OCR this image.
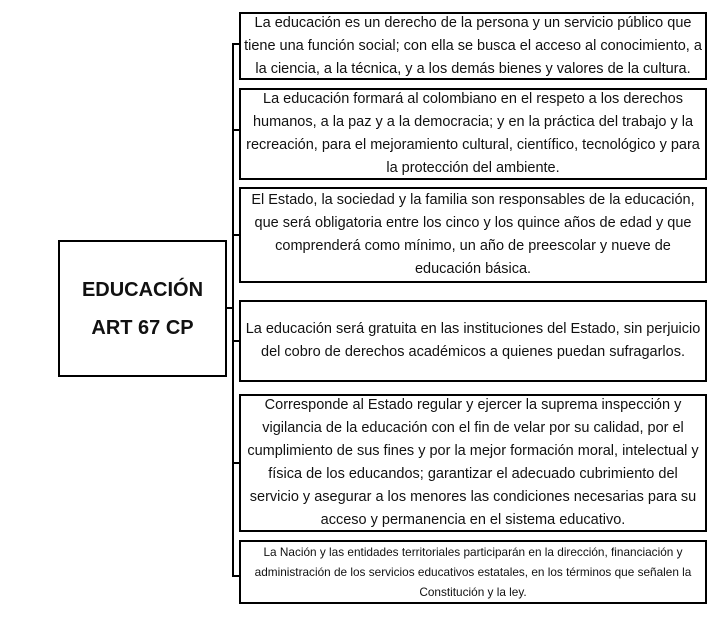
EDUCACIÓN
ART 67 CP
La educación es un derecho de la persona y un servicio público que tiene una función social; con ella se busca el acceso al conocimiento, a la ciencia, a la técnica, y a los demás bienes y valores de la cultura.
La educación formará al colombiano en el respeto a los derechos humanos, a la paz y a la democracia; y en la práctica del trabajo y la recreación, para el mejoramiento cultural, científico, tecnológico y para la protección del ambiente.
El Estado, la sociedad y la familia son responsables de la educación, que será obligatoria entre los cinco y los quince años de edad y que comprenderá como mínimo, un año de preescolar y nueve de educación básica.
La educación será gratuita en las instituciones del Estado, sin perjuicio del cobro de derechos académicos a quienes puedan sufragarlos.
Corresponde al Estado regular y ejercer la suprema inspección y vigilancia de la educación con el fin de velar por su calidad, por el cumplimiento de sus fines y por la mejor formación moral, intelectual y física de los educandos; garantizar el adecuado cubrimiento del servicio y asegurar a los menores las condiciones necesarias para su acceso y permanencia en el sistema educativo.
La Nación y las entidades territoriales participarán en la dirección, financiación y administración de los servicios educativos estatales, en los términos que señalen la Constitución y la ley.
